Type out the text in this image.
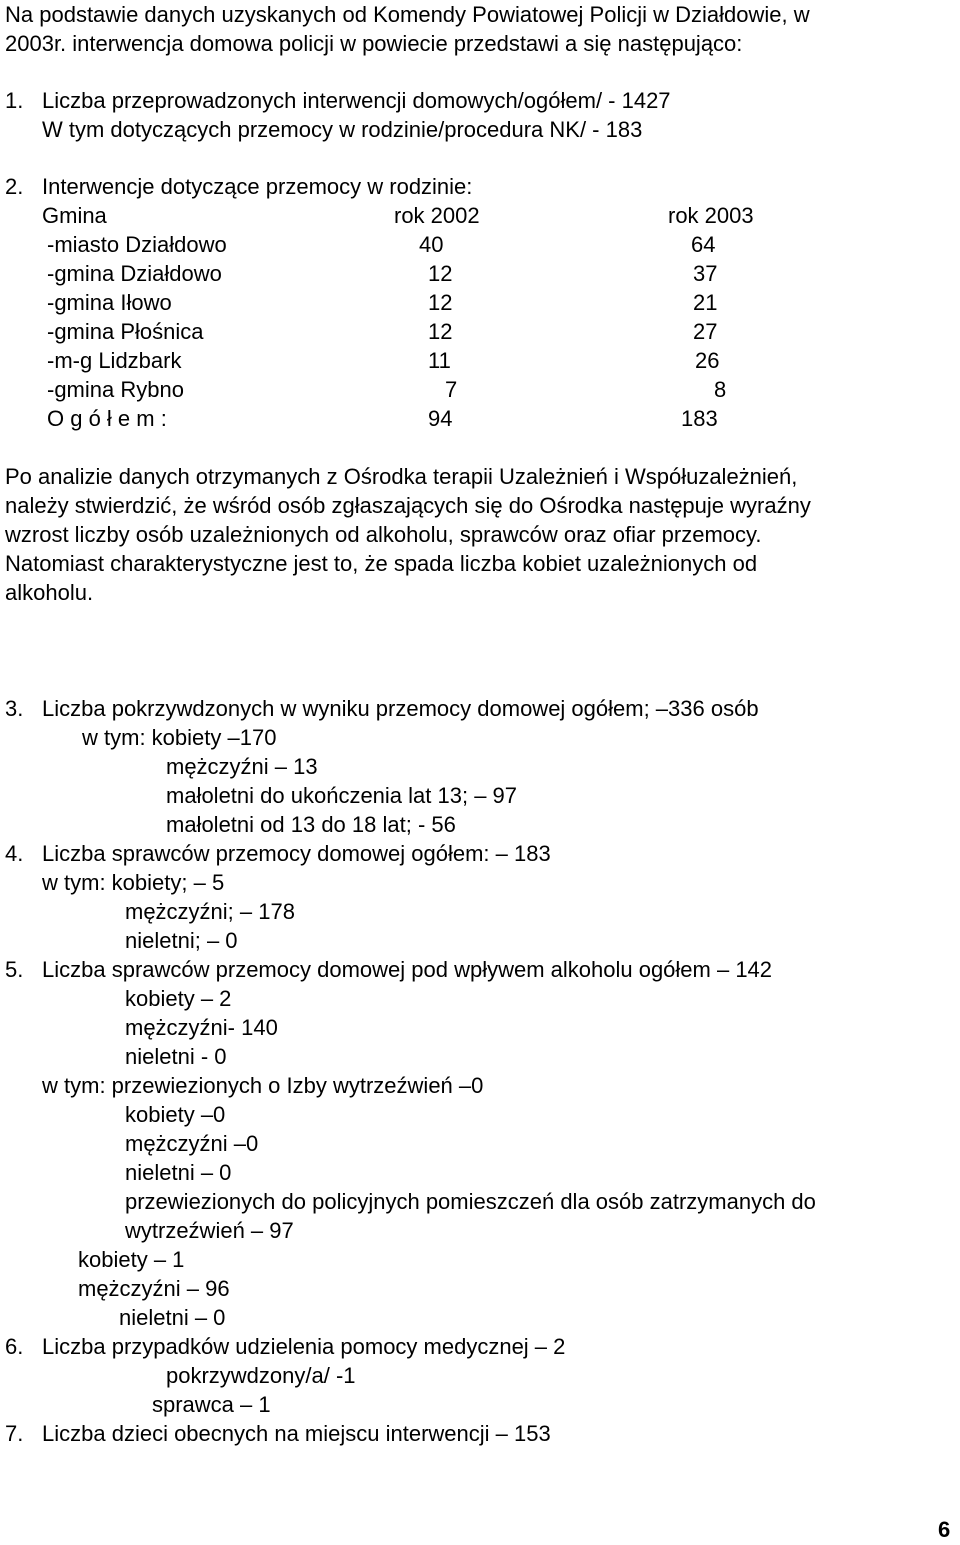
Na podstawie danych uzyskanych od Komendy Powiatowej Policji w Działdowie, w
2003r. interwencja domowa policji w powiecie przedstawi a się następująco:
1. Liczba przeprowadzonych interwencji domowych/ogółem/ - 1427
W tym dotyczących przemocy w rodzinie/procedura NK/ - 183
2. Interwencje dotyczące przemocy w rodzinie:
Gmina	rok 2002	rok 2003
-miasto Działdowo	40	64
-gmina Działdowo	12	37
-gmina Iłowo	12	21
-gmina Płośnica	12	27
-m-g Lidzbark	11	26
-gmina Rybno	7	8
O g ó ł e m :	94	183
Po analizie danych otrzymanych z Ośrodka terapii Uzależnień i Współuzależnień,
należy stwierdzić, że wśród osób zgłaszających się do Ośrodka następuje wyraźny
wzrost liczby osób uzależnionych od alkoholu, sprawców oraz ofiar przemocy.
Natomiast charakterystyczne jest to, że spada liczba kobiet uzależnionych od
alkoholu.
3. Liczba pokrzywdzonych w wyniku przemocy domowej ogółem; –336 osób
w tym: kobiety –170
mężczyźni – 13
małoletni do ukończenia lat 13; – 97
małoletni od 13 do 18 lat; - 56
4. Liczba sprawców przemocy domowej ogółem: – 183
w tym: kobiety; – 5
mężczyźni; – 178
nieletni; – 0
5. Liczba sprawców przemocy domowej pod wpływem alkoholu ogółem – 142
kobiety – 2
mężczyźni- 140
nieletni - 0
w tym: przewiezionych o Izby wytrzeźwień –0
kobiety –0
mężczyźni –0
nieletni – 0
przewiezionych do policyjnych pomieszczeń dla osób zatrzymanych do
wytrzeźwień – 97
kobiety – 1
mężczyźni – 96
nieletni – 0
6. Liczba przypadków udzielenia pomocy medycznej – 2
pokrzywdzony/a/ -1
sprawca – 1
7. Liczba dzieci obecnych na miejscu interwencji – 153
6
